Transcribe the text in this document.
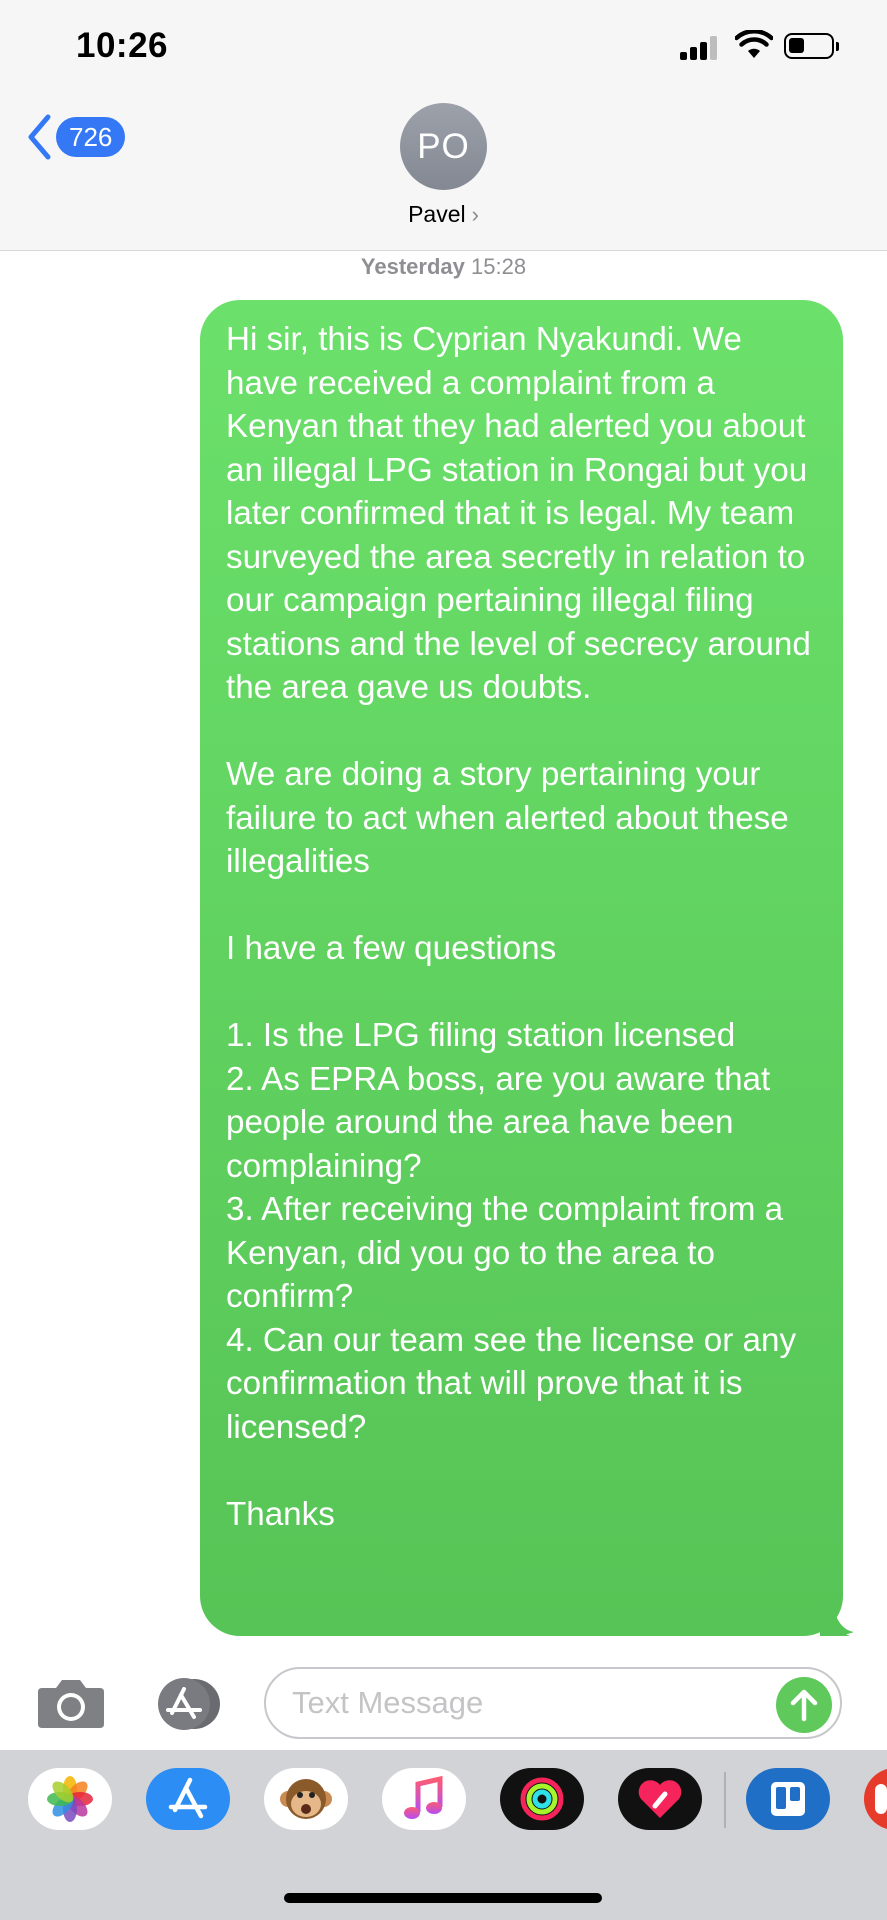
10:26
726	PO
Pavel ›
Yesterday 15:28

Hi sir, this is Cyprian Nyakundi. We have received a complaint from a Kenyan that they had alerted you about an illegal LPG station in Rongai but you later confirmed that it is legal. My team surveyed the area secretly in relation to our campaign pertaining illegal filing stations and the level of secrecy around the area gave us doubts.

We are doing a story pertaining your failure to act when alerted about these illegalities

I have a few questions

1. Is the LPG filing station licensed
2. As EPRA boss, are you aware that people around the area have been complaining?
3. After receiving the complaint from a Kenyan, did you go to the area to confirm?
4. Can our team see the license or any confirmation that will prove that it is licensed?

Thanks

Text Message
